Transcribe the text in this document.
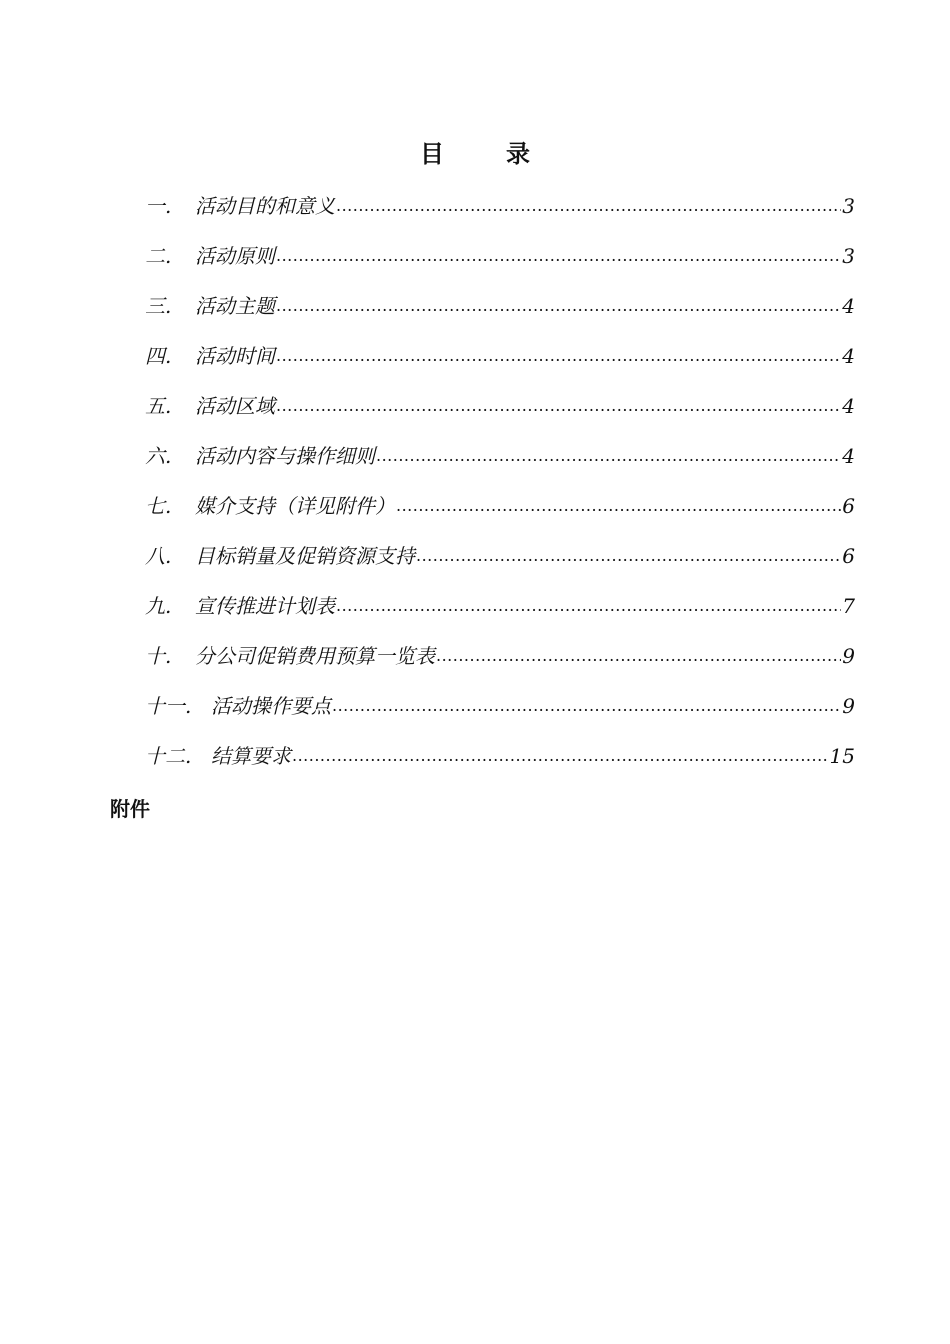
目	录
一.	活动目的和意义 .....	3
二.	活动原则 .....	3
三.	活动主题 .....	4
四.	活动时间 .....	4
五.	活动区域 .....	4
六.	活动内容与操作细则 .....	4
七.	媒介支持（详见附件） .....	6
八.	目标销量及促销资源支持 .....	6
九.	宣传推进计划表 .....	7
十.	分公司促销费用预算一览表 .....	9
十一. 活动操作要点 .....	9
十二. 结算要求 .....	15
附件
